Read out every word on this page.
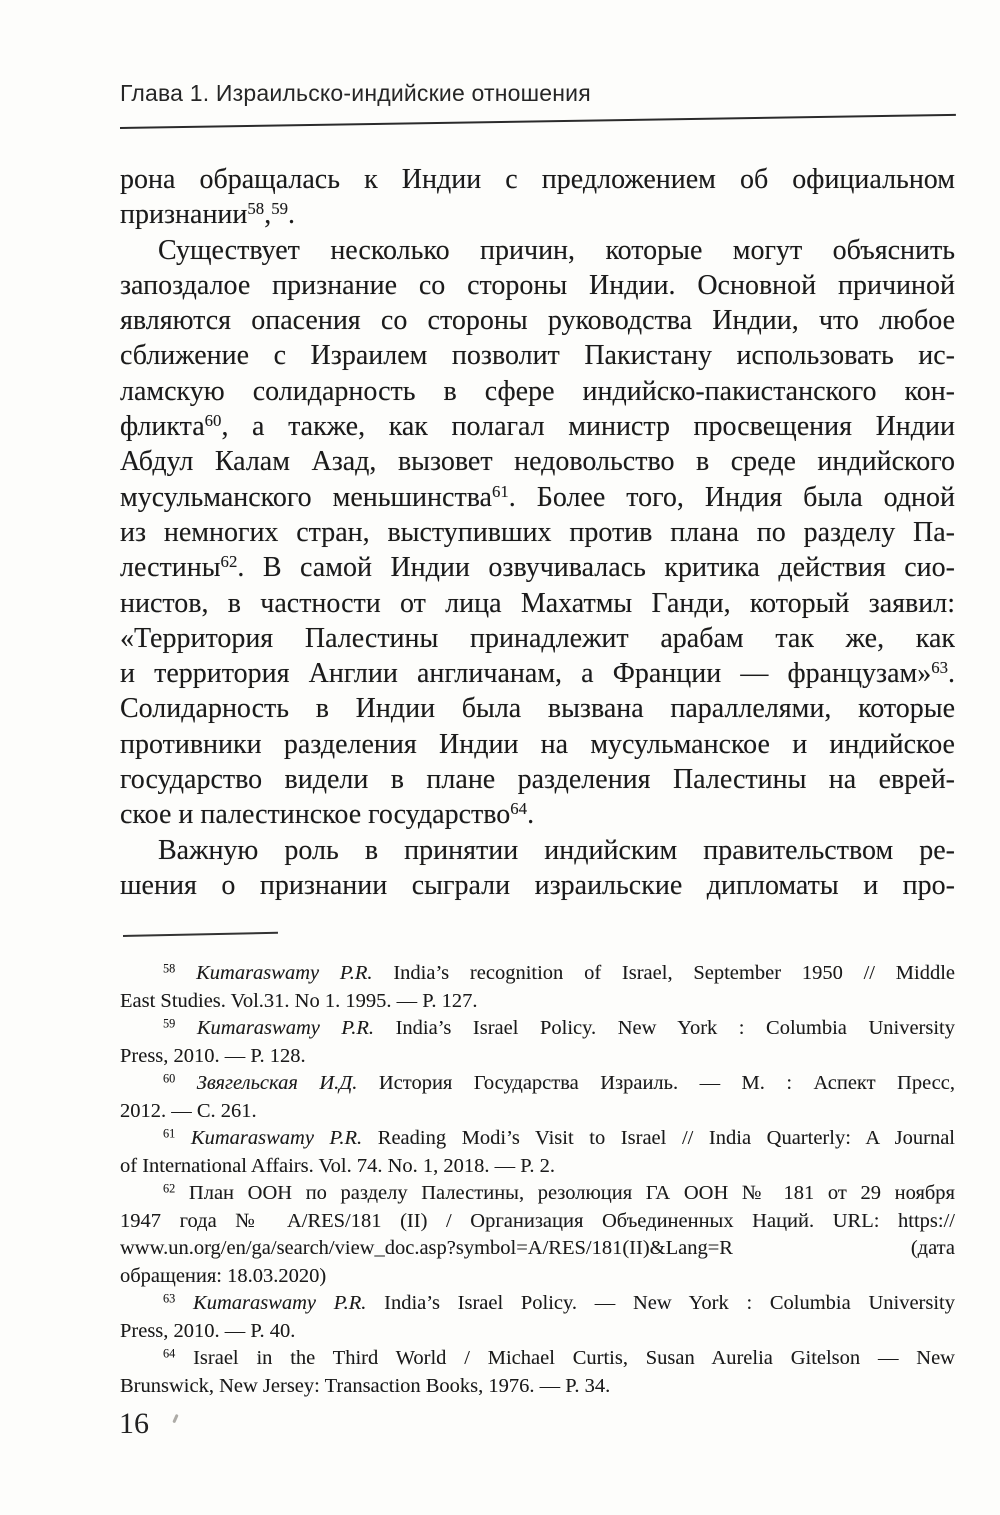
Глава 1. Израильско-индийские отношения
рона обращалась к Индии с предложением об официальном
признании$^{58}$,$^{59}$.
Существует несколько причин, которые могут объяснить
запоздалое признание со стороны Индии. Основной причиной
являются опасения со стороны руководства Индии, что любое
сближение с Израилем позволит Пакистану использовать ис-
ламскую солидарность в сфере индийско-пакистанского кон-
фликта$^{60}$, а также, как полагал министр просвещения Индии
Абдул Калам Азад, вызовет недовольство в среде индийского
мусульманского меньшинства$^{61}$. Более того, Индия была одной
из немногих стран, выступивших против плана по разделу Па-
лестины$^{62}$. В самой Индии озвучивалась критика действия сио-
нистов, в частности от лица Махатмы Ганди, который заявил:
«Территория Палестины принадлежит арабам так же, как
и территория Англии англичанам, а Франции — французам»$^{63}$.
Солидарность в Индии была вызвана параллелями, которые
противники разделения Индии на мусульманское и индийское
государство видели в плане разделения Палестины на еврей-
ское и палестинское государство$^{64}$.
Важную роль в принятии индийским правительством ре-
шения о признании сыграли израильские дипломаты и про-
$^{58}$ Kumaraswamy P.R. India’s recognition of Israel, September 1950 // Middle
East Studies. Vol.31. No 1. 1995. — P. 127.
$^{59}$ Kumaraswamy P.R. India’s Israel Policy. New York : Columbia University
Press, 2010. — P. 128.
$^{60}$ Звягельская И.Д. История Государства Израиль. — М. : Аспект Пресс,
2012. — С. 261.
$^{61}$ Kumaraswamy P.R. Reading Modi’s Visit to Israel // India Quarterly: A Journal
of International Affairs. Vol. 74. No. 1, 2018. — P. 2.
$^{62}$ План ООН по разделу Палестины, резолюция ГА ООН № 181 от 29 ноября
1947 года № A/RES/181 (II) / Организация Объединенных Наций. URL: https://
www.un.org/en/ga/search/view_doc.asp?symbol=A/RES/181(II)&Lang=R (дата
обращения: 18.03.2020)
$^{63}$ Kumaraswamy P.R. India’s Israel Policy. — New York : Columbia University
Press, 2010. — P. 40.
$^{64}$ Israel in the Third World / Michael Curtis, Susan Aurelia Gitelson — New
Brunswick, New Jersey: Transaction Books, 1976. — P. 34.
16
